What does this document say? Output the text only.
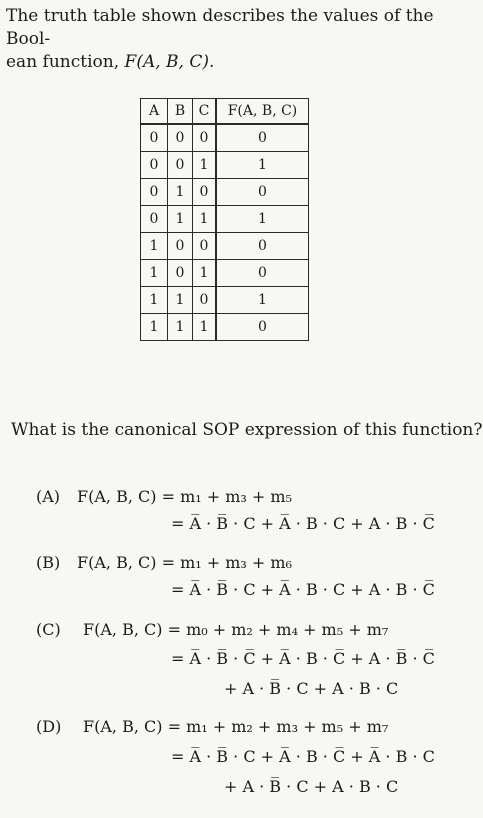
The truth table shown describes the values of the Bool-
ean function, F(A, B, C).
A	B	C	F(A, B, C)
0	0	0	0
0	0	1	1
0	1	0	0
0	1	1	1
1	0	0	0
1	0	1	0
1	1	0	1
1	1	1	0
What is the canonical SOP expression of this function?
(A) F(A, B, C) = m₁ + m₃ + m₅
= A̅ · B̅ · C + A̅ · B · C + A · B · C̅
(B) F(A, B, C) = m₁ + m₃ + m₆
= A̅ · B̅ · C + A̅ · B · C + A · B · C̅
(C) F(A, B, C) = m₀ + m₂ + m₄ + m₅ + m₇
= A̅ · B̅ · C̅ + A̅ · B · C̅ + A · B̅ · C̅
+ A · B̅ · C + A · B · C
(D) F(A, B, C) = m₁ + m₂ + m₃ + m₅ + m₇
= A̅ · B̅ · C + A̅ · B · C̅ + A̅ · B · C
+ A · B̅ · C + A · B · C
